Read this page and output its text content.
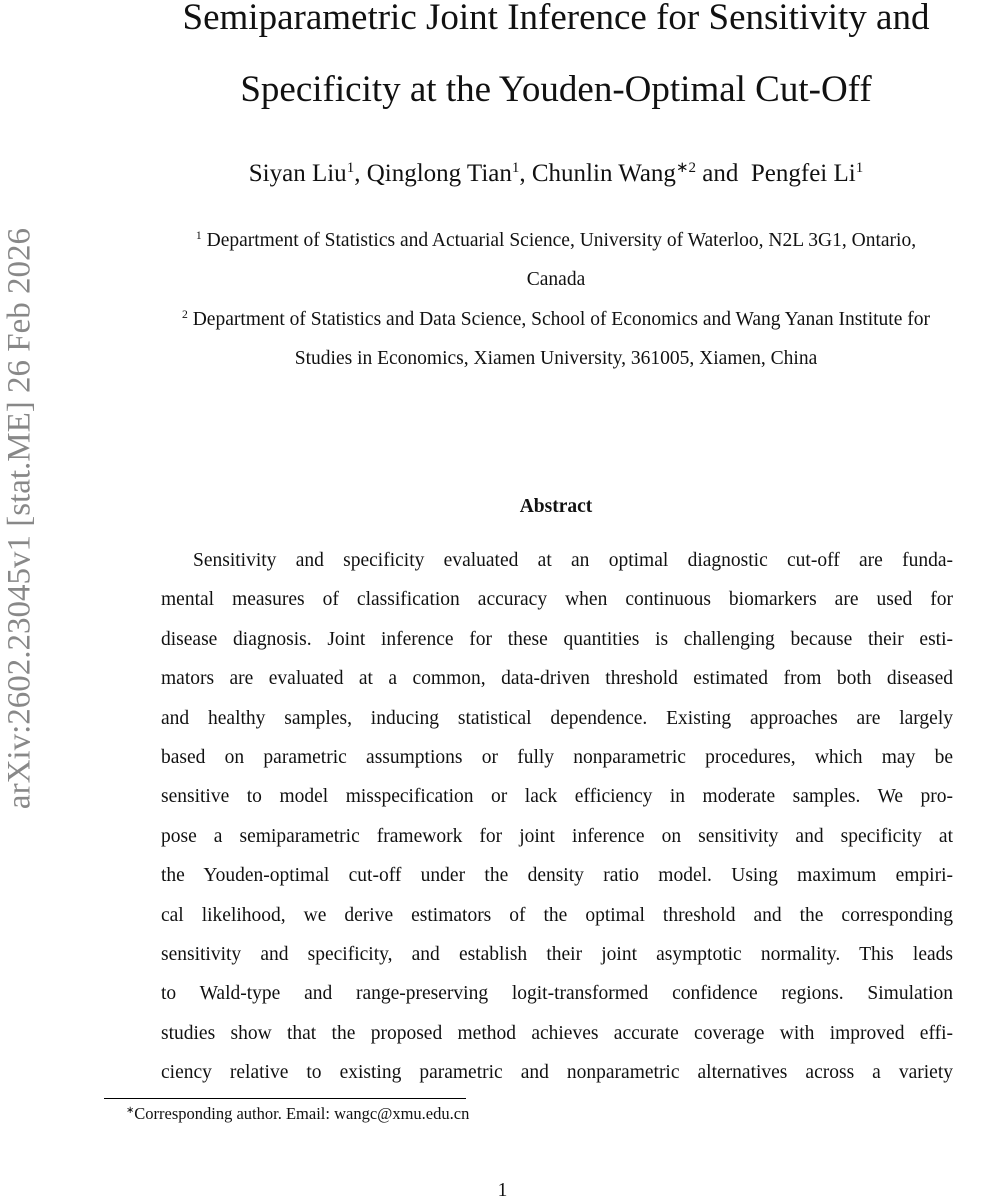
arXiv:2602.23045v1 [stat.ME] 26 Feb 2026
Semiparametric Joint Inference for Sensitivity and
Specificity at the Youden-Optimal Cut-Off
Siyan Liu$^1$, Qinglong Tian$^1$, Chunlin Wang$^{∗2}$ and  Pengfei Li$^1$
$^1$ Department of Statistics and Actuarial Science, University of Waterloo, N2L 3G1, Ontario,
Canada
$^2$ Department of Statistics and Data Science, School of Economics and Wang Yanan Institute for
Studies in Economics, Xiamen University, 361005, Xiamen, China
Abstract
Sensitivity and specificity evaluated at an optimal diagnostic cut-off are funda-
mental measures of classification accuracy when continuous biomarkers are used for
disease diagnosis. Joint inference for these quantities is challenging because their esti-
mators are evaluated at a common, data-driven threshold estimated from both diseased
and healthy samples, inducing statistical dependence. Existing approaches are largely
based on parametric assumptions or fully nonparametric procedures, which may be
sensitive to model misspecification or lack efficiency in moderate samples. We pro-
pose a semiparametric framework for joint inference on sensitivity and specificity at
the Youden-optimal cut-off under the density ratio model. Using maximum empiri-
cal likelihood, we derive estimators of the optimal threshold and the corresponding
sensitivity and specificity, and establish their joint asymptotic normality. This leads
to Wald-type and range-preserving logit-transformed confidence regions. Simulation
studies show that the proposed method achieves accurate coverage with improved effi-
ciency relative to existing parametric and nonparametric alternatives across a variety
∗Corresponding author. Email: wangc@xmu.edu.cn
1
